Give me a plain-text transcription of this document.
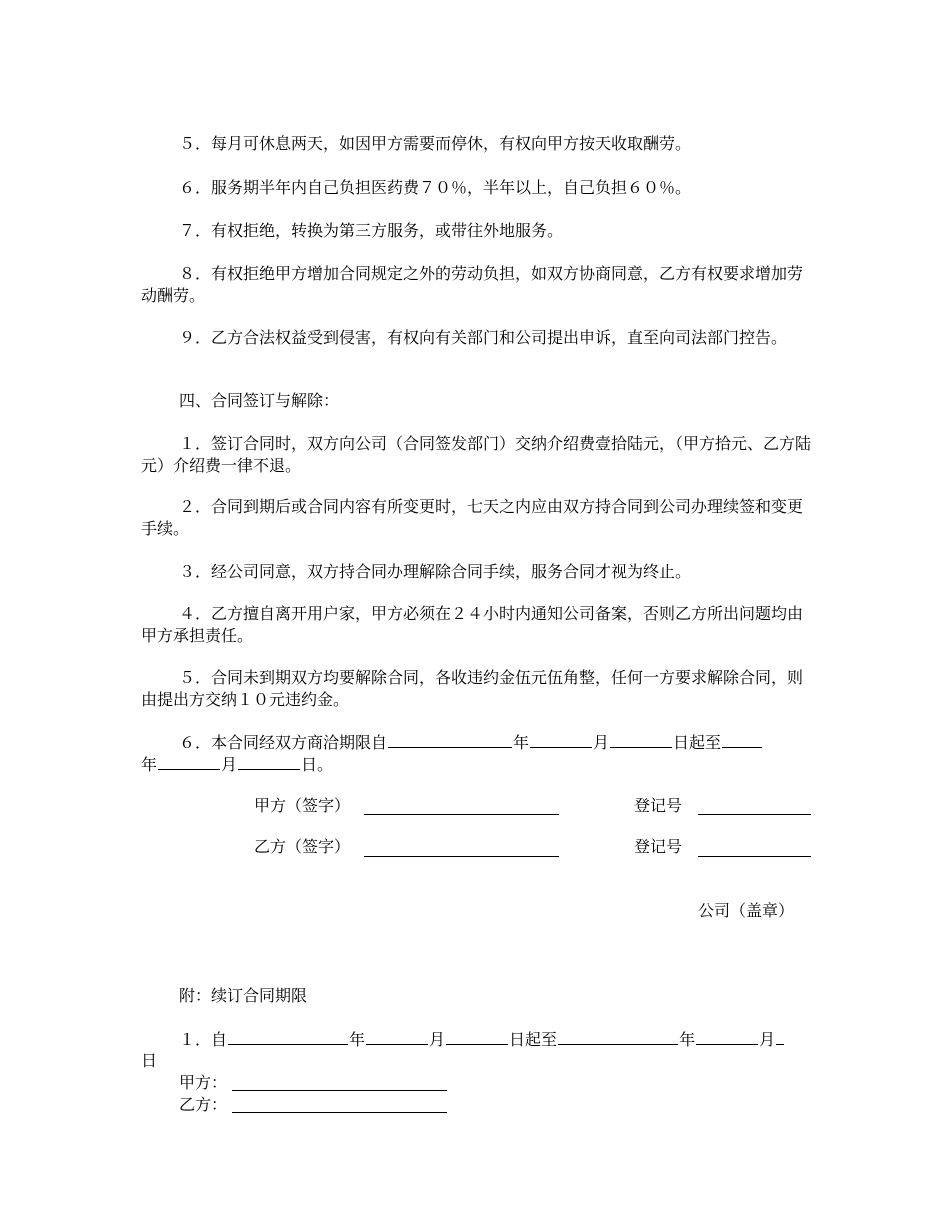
５．每月可休息两天，如因甲方需要而停休，有权向甲方按天收取酬劳。
６．服务期半年内自己负担医药费７０％，半年以上，自己负担６０％。
７．有权拒绝，转换为第三方服务，或带往外地服务。
８．有权拒绝甲方增加合同规定之外的劳动负担，如双方协商同意，乙方有权要求增加劳动酬劳。
９．乙方合法权益受到侵害，有权向有关部门和公司提出申诉，直至向司法部门控告。
四、合同签订与解除：
１．签订合同时，双方向公司（合同签发部门）交纳介绍费壹拾陆元，（甲方拾元、乙方陆元）介绍费一律不退。
２．合同到期后或合同内容有所变更时，七天之内应由双方持合同到公司办理续签和变更手续。
３．经公司同意，双方持合同办理解除合同手续，服务合同才视为终止。
４．乙方擅自离开用户家，甲方必须在２４小时内通知公司备案，否则乙方所出问题均由甲方承担责任。
５．合同未到期双方均要解除合同，各收违约金伍元伍角整，任何一方要求解除合同，则由提出方交纳１０元违约金。
６．本合同经双方商洽期限自	年	月	日起至
年	月	日。
甲方（签字）	登记号
乙方（签字）	登记号
公司（盖章）
附：续订合同期限
１．自	年	月	日起至	年	月
日
甲方：
乙方：
